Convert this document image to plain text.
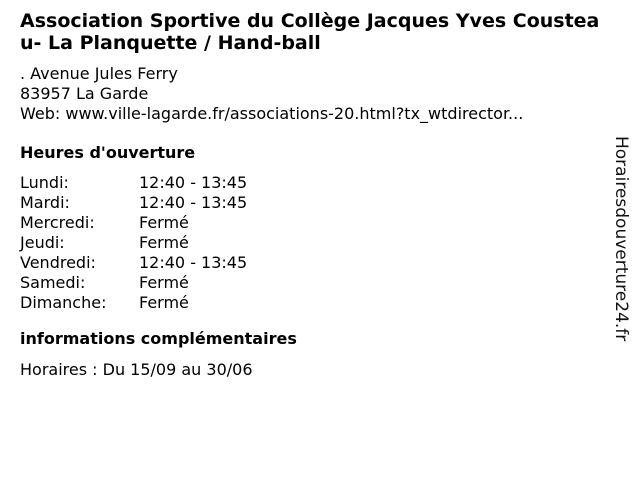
Association Sportive du Collège Jacques Yves Cousteau- La Planquette / Hand-ball
. Avenue Jules Ferry
83957 La Garde
Web: www.ville-lagarde.fr/associations-20.html?tx_wtdirector...
Heures d'ouverture
Lundi:	12:40 - 13:45
Mardi:	12:40 - 13:45
Mercredi:	Fermé
Jeudi:	Fermé
Vendredi:	12:40 - 13:45
Samedi:	Fermé
Dimanche:	Fermé
informations complémentaires
Horaires : Du 15/09 au 30/06
Horairesdouverture24.fr
